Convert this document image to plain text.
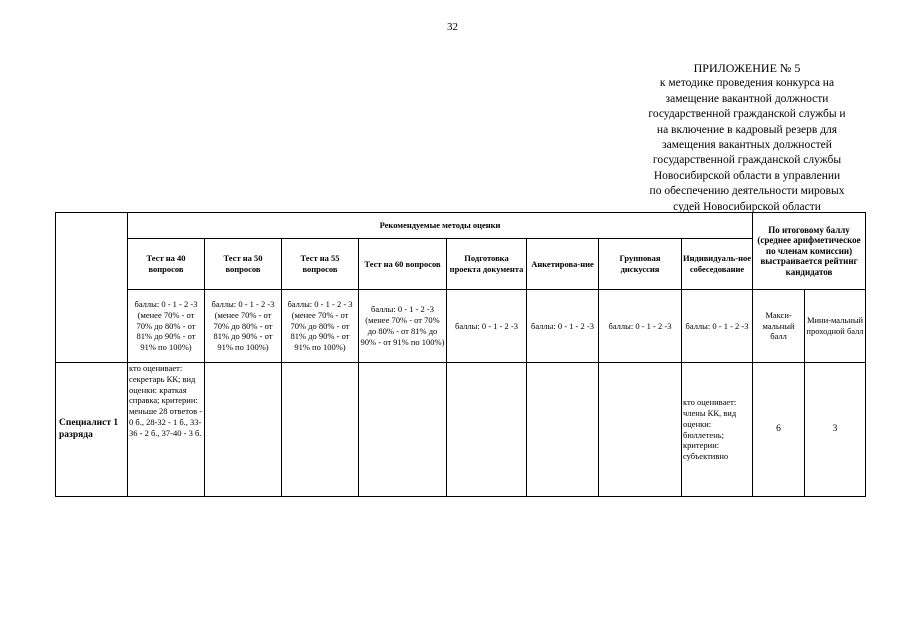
32
ПРИЛОЖЕНИЕ № 5
к методике проведения конкурса на
замещение вакантной должности
государственной гражданской службы и
на включение в кадровый резерв для
замещения вакантных должностей
государственной гражданской службы
Новосибирской области в управлении
по обеспечению деятельности мировых
судей Новосибирской области
	Рекомендуемые методы оценки								По итоговому баллу (среднее арифметическое по членам комиссии) выстраивается рейтинг кандидатов	
	Тест на 40 вопросов	Тест на 50 вопросов	Тест на 55 вопросов	Тест на 60 вопросов	Подготовка проекта документа	Анкетирова-ние	Групповая дискуссия	Индивидуаль-ное собеседование		
	баллы: 0 - 1 - 2 -3 (менее 70% - от 70% до 80% - от 81% до 90% - от 91% по 100%)	баллы: 0 - 1 - 2 -3 (менее 70% - от 70% до 80% - от 81% до 90% - от 91% по 100%)	баллы: 0 - 1 - 2 - 3 (менее 70% - от 70% до 80% - от 81% до 90% - от 91% по 100%)	баллы: 0 - 1 - 2 -3 (менее 70% - от 70% до 80% - от 81% до 90% - от 91% по 100%)	баллы: 0 - 1 - 2 -3	баллы: 0 - 1 - 2 -3	баллы: 0 - 1 - 2 -3	баллы: 0 - 1 - 2 -3	Макси-мальный балл	Мини-мальный проходной балл
Специалист 1 разряда	кто оценивает: секретарь КК; вид оценки: краткая справка; критерии: меньше 28 ответов - 0 б., 28-32 - 1 б., 33-36 - 2 б., 37-40 - 3 б.							кто оценивает: члены КК, вид оценки: бюллетень; критерии: субъективно	6	3
